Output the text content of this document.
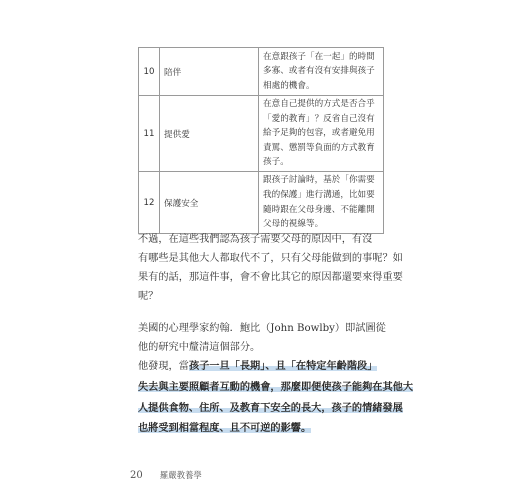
10	陪伴	在意跟孩子「在一起」的時間
多寡、或者有沒有安排與孩子
相處的機會。

11	提供愛	在意自己提供的方式是否合乎
「愛的教育」？反省自己沒有
給予足夠的包容，或者避免用
責罵、懲罰等負面的方式教育
孩子。

12	保護安全	跟孩子討論時，基於「你需要
我的保護」進行溝通，比如要
隨時跟在父母身邊、不能離開
父母的視線等。
不過，在這些我們認為孩子需要父母的原因中，有沒
有哪些是其他大人都取代不了，只有父母能做到的事呢？如
果有的話，那這件事，會不會比其它的原因都還要來得重要
呢？
美國的心理學家約翰．鮑比（John Bowlby）即試圖從
他的研究中釐清這個部分。
他發現，當孩子一旦「長期」、且「在特定年齡階段」
失去與主要照顧者互動的機會，那麼即便使孩子能夠在其他大
人提供食物、住所、及教育下安全的長大，孩子的情緒發展
也將受到相當程度、且不可逆的影響。
20 羅嚴教養學
